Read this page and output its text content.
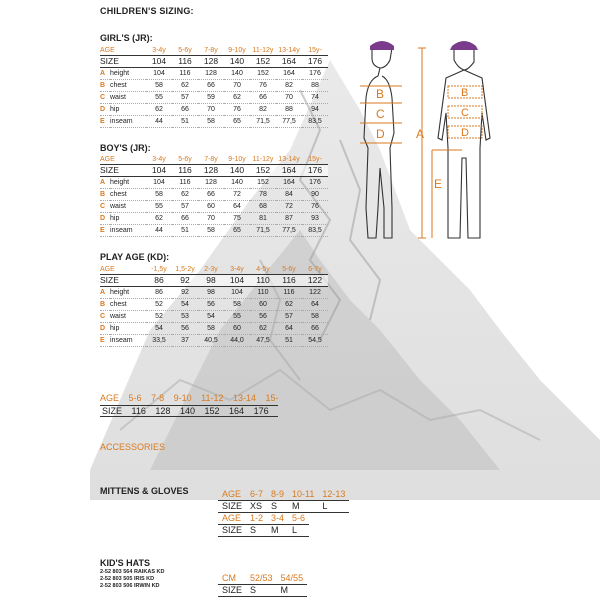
CHILDREN'S SIZING:
GIRL'S (JR):
AGE		3-4y	5-6y	7-8y	9-10y	11-12y	13-14y	15y-
SIZE		104	116	128	140	152	164	176
A	height	104	116	128	140	152	164	176
B	chest	58	62	66	70	76	82	88
C	waist	55	57	59	62	66	70	74
D	hip	62	66	70	76	82	88	94
E	inseam	44	51	58	65	71,5	77,5	83,5
BOY'S (JR):
AGE		3-4y	5-6y	7-8y	9-10y	11-12y	13-14y	15y-
SIZE		104	116	128	140	152	164	176
A	height	104	116	128	140	152	164	176
B	chest	58	62	66	72	78	84	90
C	waist	55	57	60	64	68	72	76
D	hip	62	66	70	75	81	87	93
E	inseam	44	51	58	65	71,5	77,5	83,5
PLAY AGE (KD):
AGE		-1,5y	1,5-2y	2-3y	3-4y	4-5y	5-6y	6-7y
SIZE		86	92	98	104	110	116	122
A	height	86	92	98	104	110	116	122
B	chest	52	54	56	58	60	62	64
C	waist	52	53	54	55	56	57	58
D	hip	54	56	58	60	62	64	66
E	inseam	33,5	37	40,5	44,0	47,5	51	54,5
AGE 5-6 7-8 9-10 11-12 13-14 15-
SIZE 116 128 140 152 164 176
ACCESSORIES
MITTENS & GLOVES	AGE	6-7	8-9	10-11	12-13
SIZE	XS	S	M	L
AGE	1-2	3-4	5-6
SIZE	S	M	L
KID'S HATS
2-52 803 564 RAIKAS KD
2-52 803 505 IRIS KD
2-52 803 506 IRWIN KD
CM	52/53	54/55
SIZE	S	M
B
C
D	A
B
C
D
E
